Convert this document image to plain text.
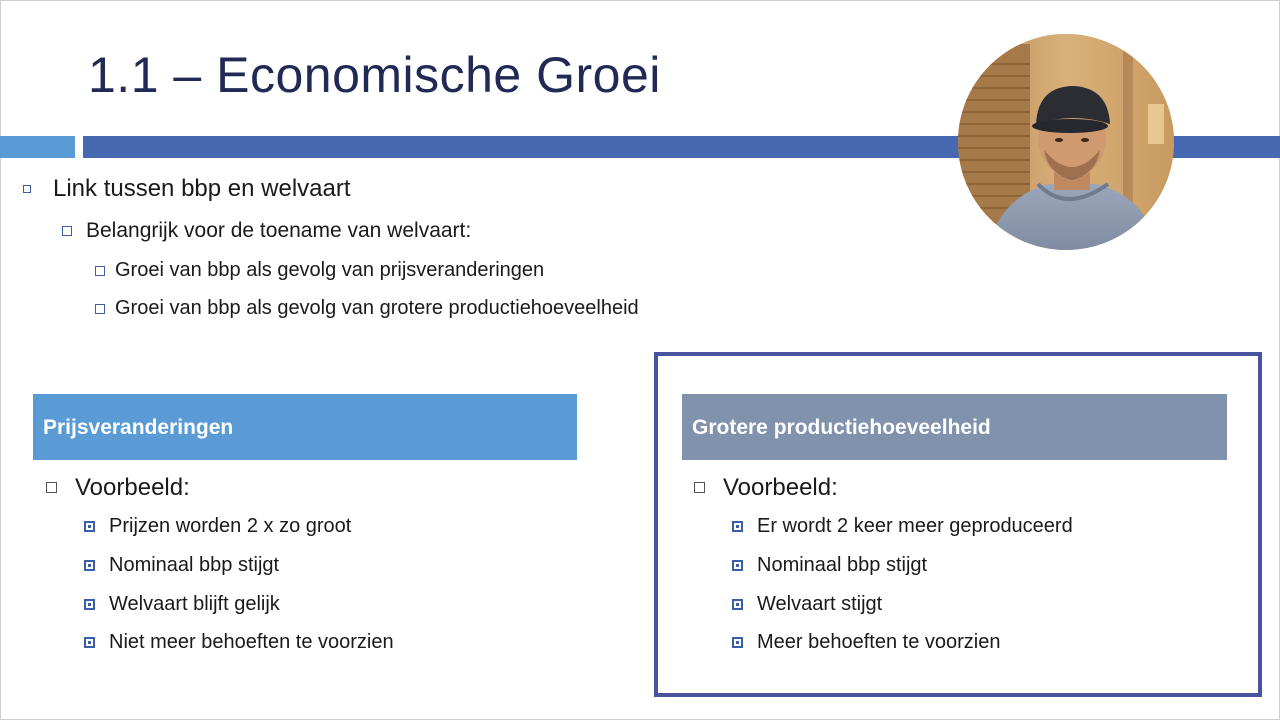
1.1 – Economische Groei
Link tussen bbp en welvaart
Belangrijk voor de toename van welvaart:
Groei van bbp als gevolg van prijsveranderingen
Groei van bbp als gevolg van grotere productiehoeveelheid
Prijsveranderingen
Voorbeeld:
Prijzen worden 2 x zo groot
Nominaal bbp stijgt
Welvaart blijft gelijk
Niet meer behoeften te voorzien
Grotere productiehoeveelheid
Voorbeeld:
Er wordt 2 keer meer geproduceerd
Nominaal bbp stijgt
Welvaart stijgt
Meer behoeften te voorzien
